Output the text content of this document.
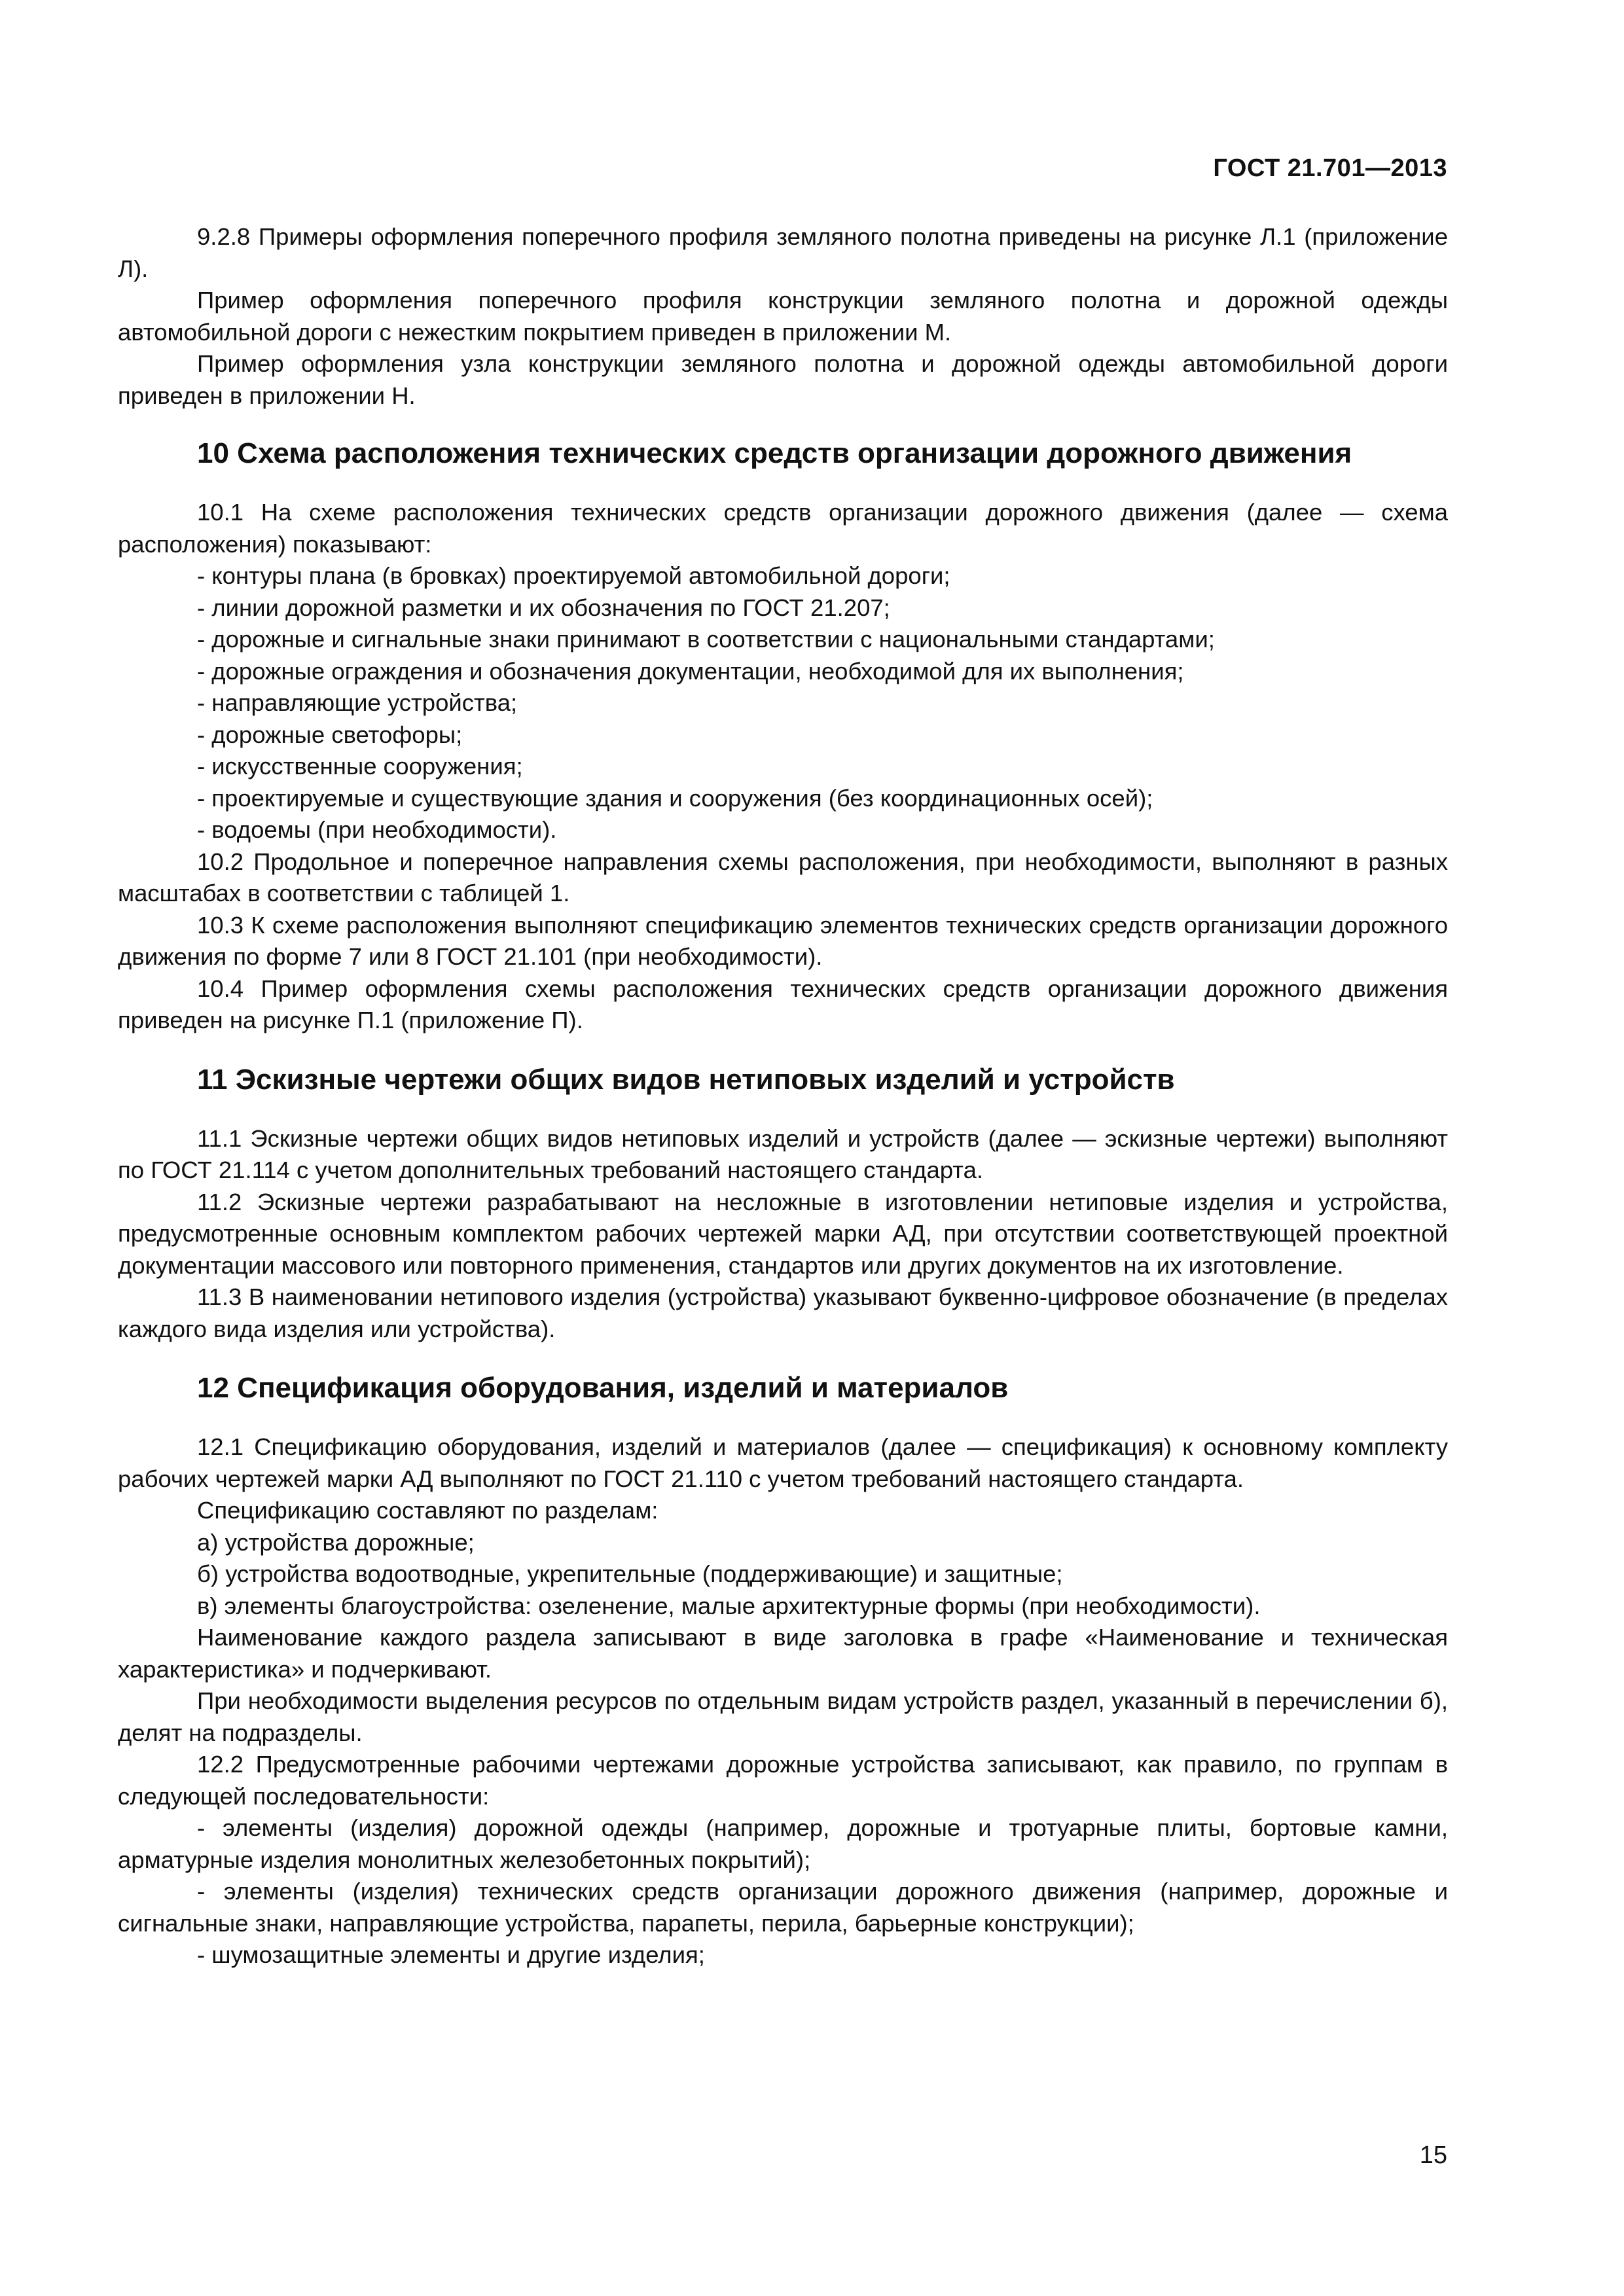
ГОСТ 21.701—2013

9.2.8 Примеры оформления поперечного профиля земляного полотна приведены на рисунке Л.1 (приложение Л).

Пример оформления поперечного профиля конструкции земляного полотна и дорожной одежды автомобильной дороги с нежестким покрытием приведен в приложении М.

Пример оформления узла конструкции земляного полотна и дорожной одежды автомобильной дороги приведен в приложении Н.

10 Схема расположения технических средств организации дорожного движения

10.1 На схеме расположения технических средств организации дорожного движения (далее — схема расположения) показывают:

- контуры плана (в бровках) проектируемой автомобильной дороги;

- линии дорожной разметки и их обозначения по ГОСТ 21.207;

- дорожные и сигнальные знаки принимают в соответствии с национальными стандартами;

- дорожные ограждения и обозначения документации, необходимой для их выполнения;

- направляющие устройства;

- дорожные светофоры;

- искусственные сооружения;

- проектируемые и существующие здания и сооружения (без координационных осей);

- водоемы (при необходимости).

10.2 Продольное и поперечное направления схемы расположения, при необходимости, выполняют в разных масштабах в соответствии с таблицей 1.

10.3 К схеме расположения выполняют спецификацию элементов технических средств организации дорожного движения по форме 7 или 8 ГОСТ 21.101 (при необходимости).

10.4 Пример оформления схемы расположения технических средств организации дорожного движения приведен на рисунке П.1 (приложение П).

11 Эскизные чертежи общих видов нетиповых изделий и устройств

11.1 Эскизные чертежи общих видов нетиповых изделий и устройств (далее — эскизные чертежи) выполняют по ГОСТ 21.114 с учетом дополнительных требований настоящего стандарта.

11.2 Эскизные чертежи разрабатывают на несложные в изготовлении нетиповые изделия и устройства, предусмотренные основным комплектом рабочих чертежей марки АД, при отсутствии соответствующей проектной документации массового или повторного применения, стандартов или других документов на их изготовление.

11.3 В наименовании нетипового изделия (устройства) указывают буквенно-цифровое обозначение (в пределах каждого вида изделия или устройства).

12 Спецификация оборудования, изделий и материалов

12.1 Спецификацию оборудования, изделий и материалов (далее — спецификация) к основному комплекту рабочих чертежей марки АД выполняют по ГОСТ 21.110 с учетом требований настоящего стандарта.

Спецификацию составляют по разделам:

а) устройства дорожные;

б) устройства водоотводные, укрепительные (поддерживающие) и защитные;

в) элементы благоустройства: озеленение, малые архитектурные формы (при необходимости).

Наименование каждого раздела записывают в виде заголовка в графе «Наименование и техническая характеристика» и подчеркивают.

При необходимости выделения ресурсов по отдельным видам устройств раздел, указанный в перечислении б), делят на подразделы.

12.2 Предусмотренные рабочими чертежами дорожные устройства записывают, как правило, по группам в следующей последовательности:

- элементы (изделия) дорожной одежды (например, дорожные и тротуарные плиты, бортовые камни, арматурные изделия монолитных железобетонных покрытий);

- элементы (изделия) технических средств организации дорожного движения (например, дорожные и сигнальные знаки, направляющие устройства, парапеты, перила, барьерные конструкции);

- шумозащитные элементы и другие изделия;

15
